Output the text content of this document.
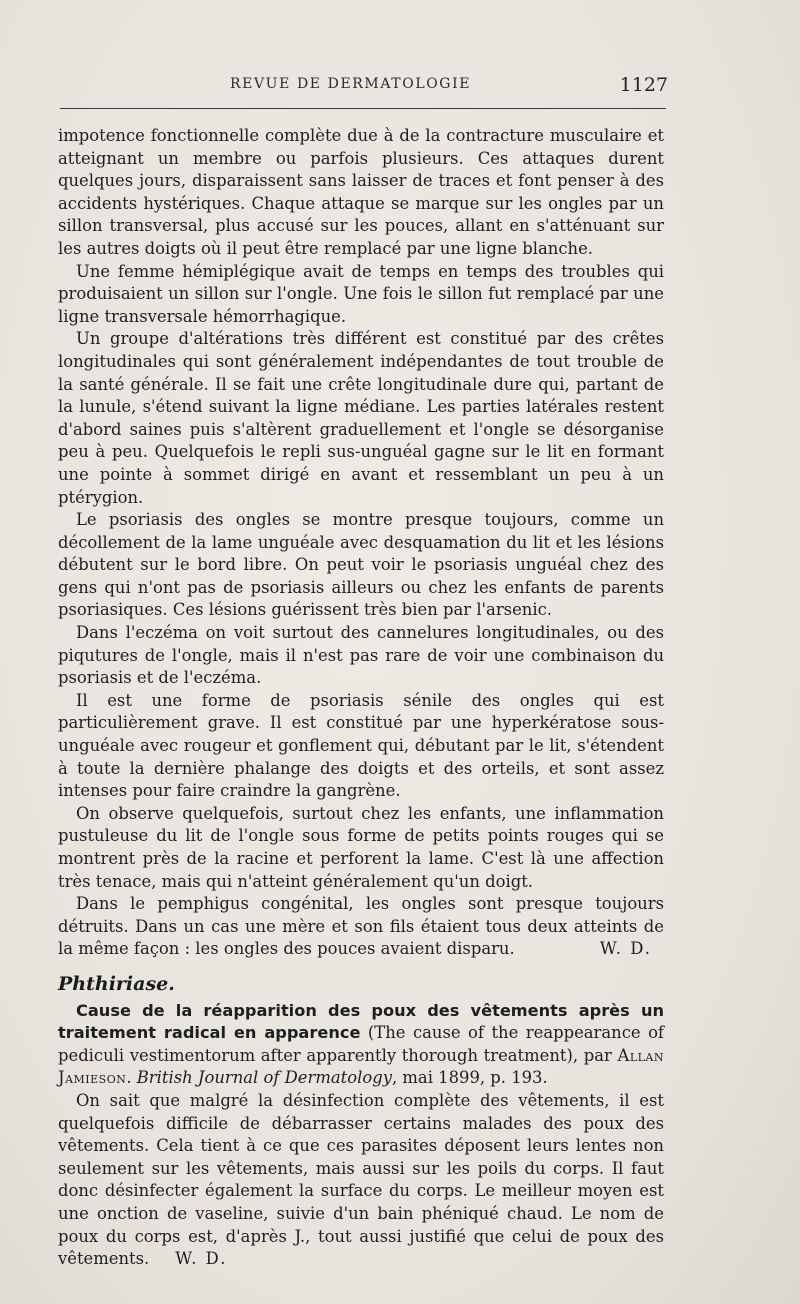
REVUE DE DERMATOLOGIE	1127

impotence fonctionnelle complète due à de la contracture musculaire et atteignant un membre ou parfois plusieurs. Ces attaques durent quelques jours, disparaissent sans laisser de traces et font penser à des accidents hystériques. Chaque attaque se marque sur les ongles par un sillon transversal, plus accusé sur les pouces, allant en s'atténuant sur les autres doigts où il peut être remplacé par une ligne blanche.

Une femme hémiplégique avait de temps en temps des troubles qui produisaient un sillon sur l'ongle. Une fois le sillon fut remplacé par une ligne transversale hémorrhagique.

Un groupe d'altérations très différent est constitué par des crêtes longitudinales qui sont généralement indépendantes de tout trouble de la santé générale. Il se fait une crête longitudinale dure qui, partant de la lunule, s'étend suivant la ligne médiane. Les parties latérales restent d'abord saines puis s'altèrent graduellement et l'ongle se désorganise peu à peu. Quelquefois le repli sus-unguéal gagne sur le lit en formant une pointe à sommet dirigé en avant et ressemblant un peu à un ptérygion.

Le psoriasis des ongles se montre presque toujours, comme un décollement de la lame unguéale avec desquamation du lit et les lésions débutent sur le bord libre. On peut voir le psoriasis unguéal chez des gens qui n'ont pas de psoriasis ailleurs ou chez les enfants de parents psoriasiques. Ces lésions guérissent très bien par l'arsenic.

Dans l'eczéma on voit surtout des cannelures longitudinales, ou des piqutures de l'ongle, mais il n'est pas rare de voir une combinaison du psoriasis et de l'eczéma.

Il est une forme de psoriasis sénile des ongles qui est particulièrement grave. Il est constitué par une hyperkératose sous-unguéale avec rougeur et gonflement qui, débutant par le lit, s'étendent à toute la dernière phalange des doigts et des orteils, et sont assez intenses pour faire craindre la gangrène.

On observe quelquefois, surtout chez les enfants, une inflammation pustuleuse du lit de l'ongle sous forme de petits points rouges qui se montrent près de la racine et perforent la lame. C'est là une affection très tenace, mais qui n'atteint généralement qu'un doigt.

Dans le pemphigus congénital, les ongles sont presque toujours détruits. Dans un cas une mère et son fils étaient tous deux atteints de la même façon : les ongles des pouces avaient disparu.	W. D.

Phthiriase.

Cause de la réapparition des poux des vêtements après un traitement radical en apparence (The cause of the reappearance of pediculi vestimentorum after apparently thorough treatment), par Allan Jamieson. British Journal of Dermatology, mai 1899, p. 193.

On sait que malgré la désinfection complète des vêtements, il est quelquefois difficile de débarrasser certains malades des poux des vêtements. Cela tient à ce que ces parasites déposent leurs lentes non seulement sur les vêtements, mais aussi sur les poils du corps. Il faut donc désinfecter également la surface du corps. Le meilleur moyen est une onction de vaseline, suivie d'un bain phéniqué chaud. Le nom de poux du corps est, d'après J., tout aussi justifié que celui de poux des vêtements. W. D.
